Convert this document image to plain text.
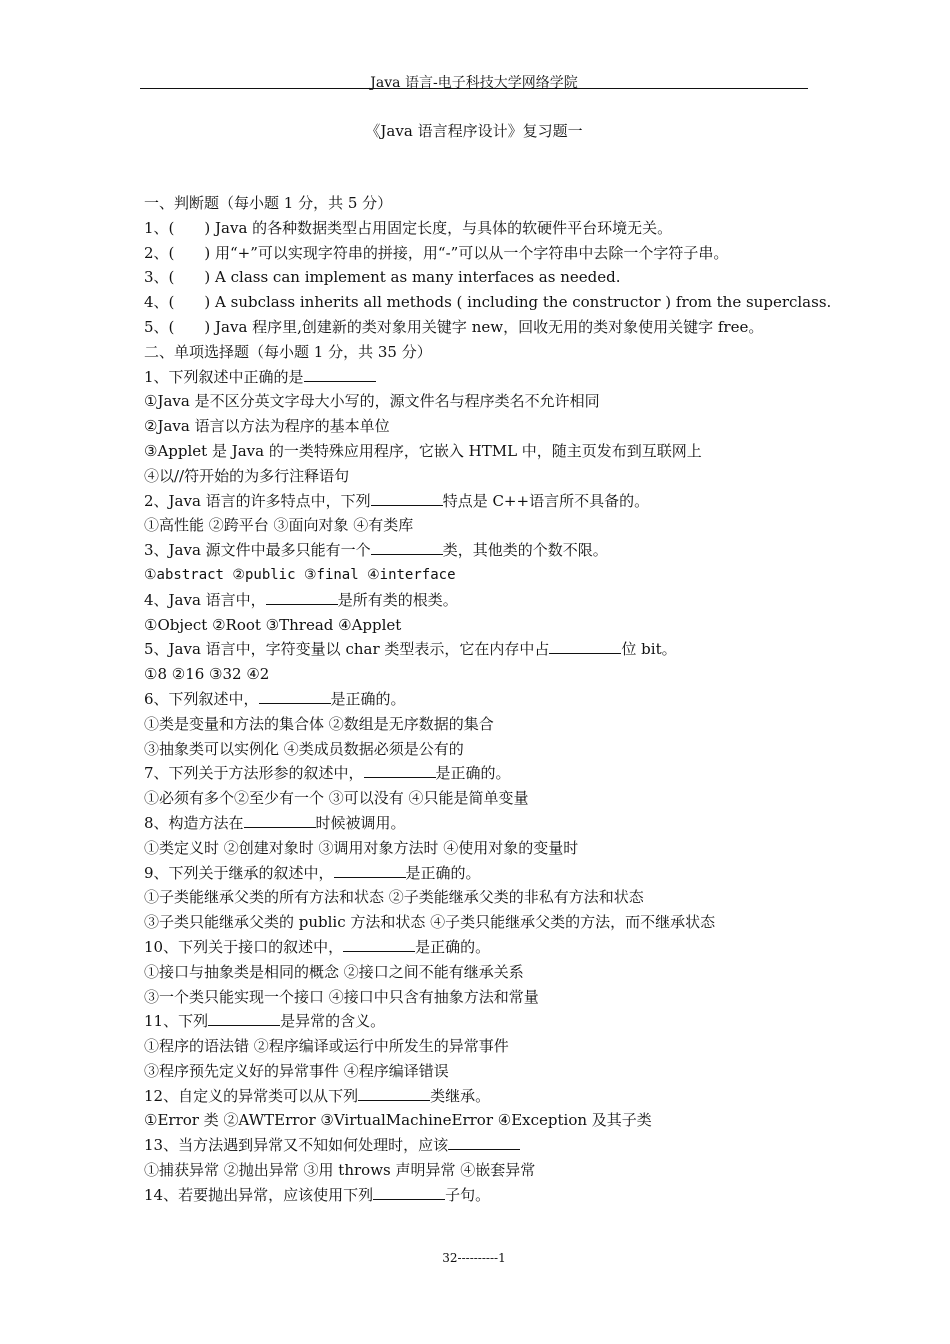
Java 语言-电子科技大学网络学院
《Java 语言程序设计》复习题一
一、判断题（每小题 1 分，共 5 分）
1、(　　) Java 的各种数据类型占用固定长度，与具体的软硬件平台环境无关。
2、(　　) 用“+”可以实现字符串的拼接，用“-”可以从一个字符串中去除一个字符子串。
3、(　　) A class can implement as many interfaces as needed.
4、(　　) A subclass inherits all methods ( including the constructor ) from the superclass.
5、(　　) Java 程序里,创建新的类对象用关键字 new，回收无用的类对象使用关键字 free。
二、单项选择题（每小题 1 分，共 35 分）
1、下列叙述中正确的是
①Java 是不区分英文字母大小写的，源文件名与程序类名不允许相同
②Java 语言以方法为程序的基本单位
③Applet 是 Java 的一类特殊应用程序，它嵌入 HTML 中，随主页发布到互联网上
④以//符开始的为多行注释语句
2、Java 语言的许多特点中，下列	特点是 C++语言所不具备的。
①高性能 ②跨平台 ③面向对象 ④有类库
3、Java 源文件中最多只能有一个	类，其他类的个数不限。
①abstract ②public ③final ④interface
4、Java 语言中，	是所有类的根类。
①Object ②Root ③Thread ④Applet
5、Java 语言中，字符变量以 char 类型表示，它在内存中占	位 bit。
①8 ②16 ③32 ④2
6、下列叙述中，	是正确的。
①类是变量和方法的集合体 ②数组是无序数据的集合
③抽象类可以实例化 ④类成员数据必须是公有的
7、下列关于方法形参的叙述中，	是正确的。
①必须有多个②至少有一个 ③可以没有 ④只能是简单变量
8、构造方法在	时候被调用。
①类定义时 ②创建对象时 ③调用对象方法时 ④使用对象的变量时
9、下列关于继承的叙述中，	是正确的。
①子类能继承父类的所有方法和状态 ②子类能继承父类的非私有方法和状态
③子类只能继承父类的 public 方法和状态 ④子类只能继承父类的方法，而不继承状态
10、下列关于接口的叙述中，	是正确的。
①接口与抽象类是相同的概念 ②接口之间不能有继承关系
③一个类只能实现一个接口 ④接口中只含有抽象方法和常量
11、下列	是异常的含义。
①程序的语法错 ②程序编译或运行中所发生的异常事件
③程序预先定义好的异常事件 ④程序编译错误
12、自定义的异常类可以从下列	类继承。
①Error 类 ②AWTError ③VirtualMachineError ④Exception 及其子类
13、当方法遇到异常又不知如何处理时，应该
①捕获异常 ②抛出异常 ③用 throws 声明异常 ④嵌套异常
14、若要抛出异常，应该使用下列	子句。
32----------1
